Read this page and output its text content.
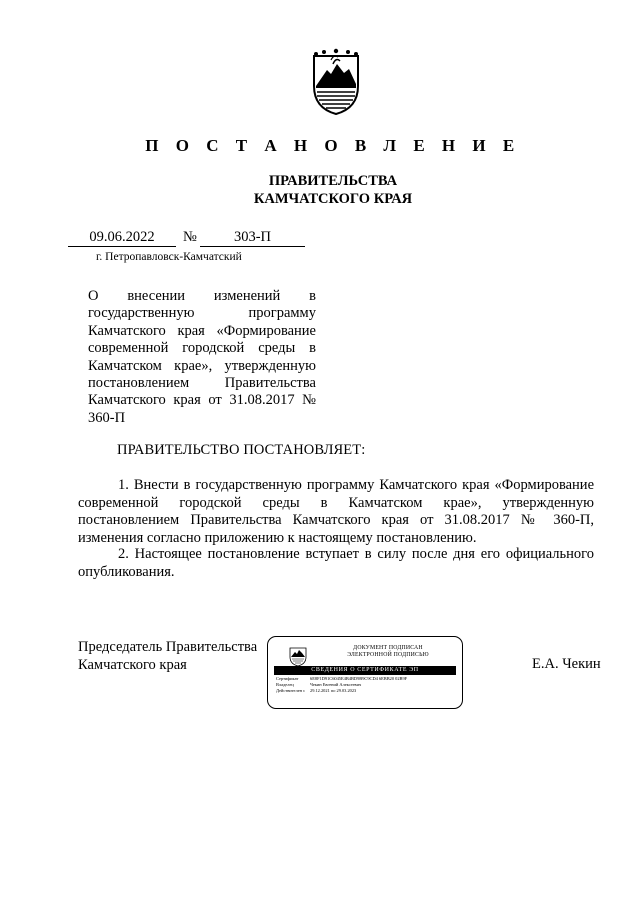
П О С Т А Н О В Л Е Н И Е
ПРАВИТЕЛЬСТВА
КАМЧАТСКОГО КРАЯ
09.06.2022	№	303-П
г. Петропавловск-Камчатский
О внесении изменений в государственную программу Камчатского края «Формирование современной городской среды в Камчатском крае», утвержденную постановлением Правительства Камчатского края от 31.08.2017 № 360-П
ПРАВИТЕЛЬСТВО ПОСТАНОВЛЯЕТ:
1. Внести в государственную программу Камчатского края «Формирование современной городской среды в Камчатском крае», утвержденную постановлением Правительства Камчатского края от 31.08.2017 № 360-П, изменения согласно приложению к настоящему постановлению.
2. Настоящее постановление вступает в силу после дня его официального опубликования.
Председатель Правительства
Камчатского края	Е.А. Чекин
ДОКУМЕНТ ПОДПИСАН
ЭЛЕКТРОННОЙ ПОДПИСЬЮ
СВЕДЕНИЯ О СЕРТИФИКАТЕ ЭП
Сертификат	6E8F1D91C6045E4B4BD9B9C9CD4 6EBB20 02B9F
Владелец	Чекин Евгений Алексеевич
Действителен с	29.12.2021 по 29.03.2023
